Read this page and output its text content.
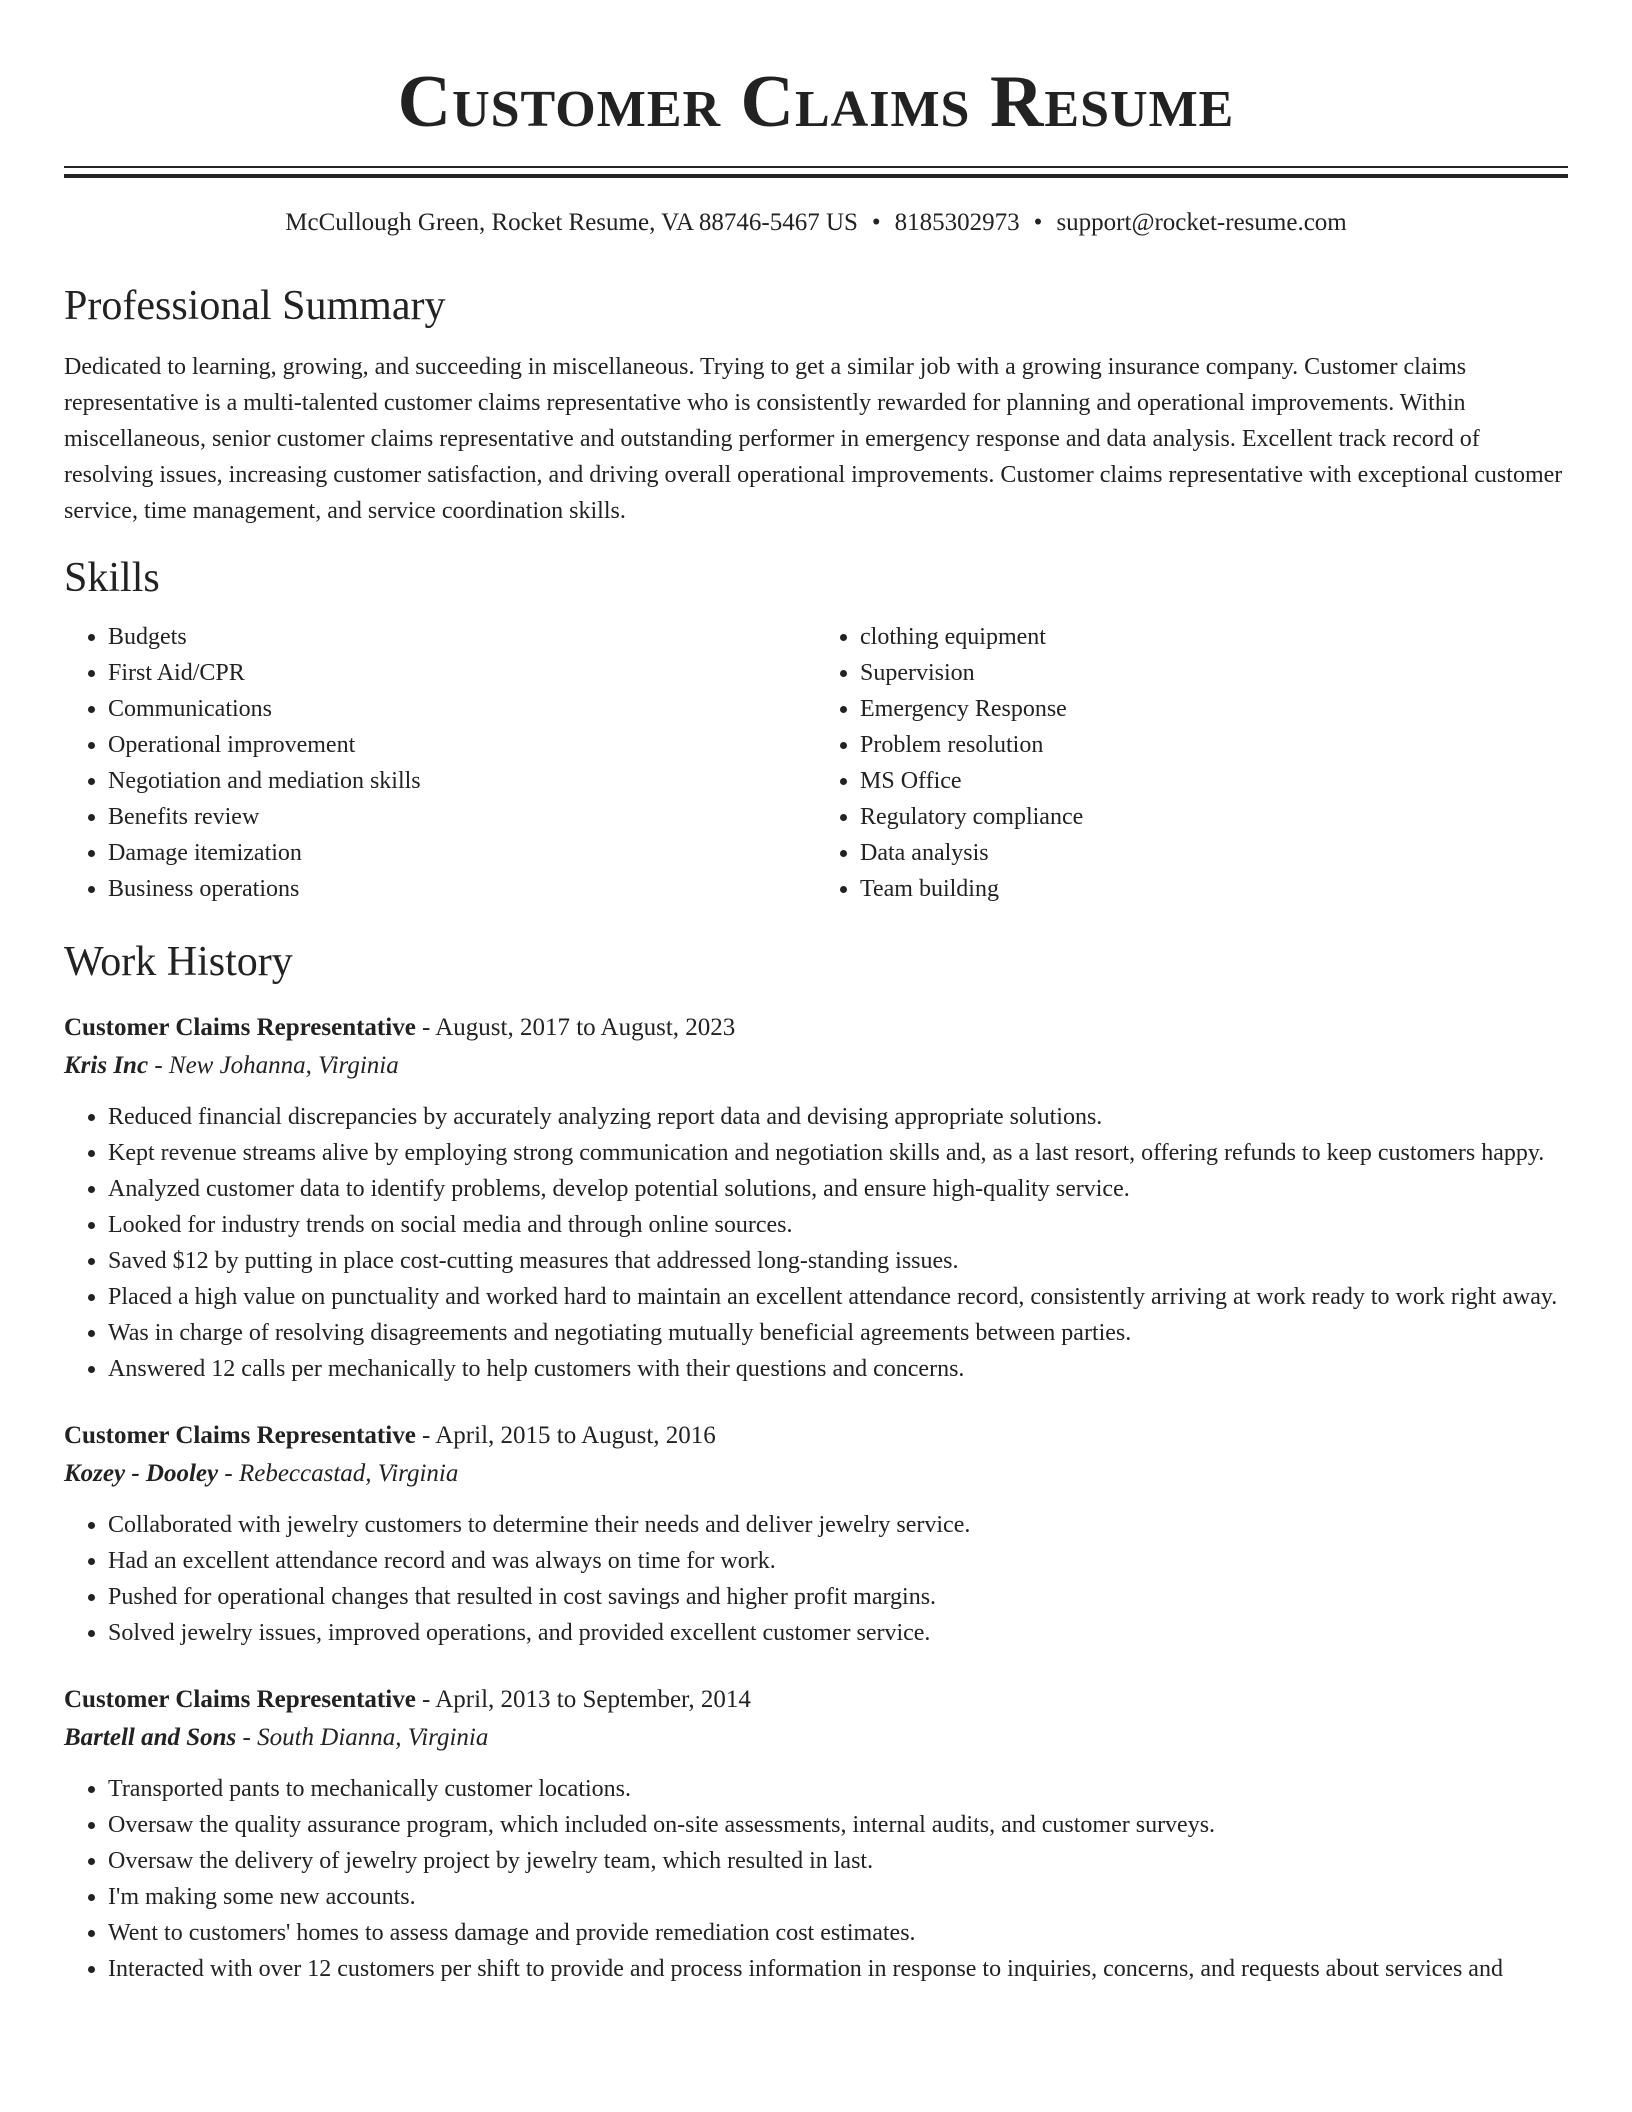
Customer Claims Resume
McCullough Green, Rocket Resume, VA 88746-5467 US • 8185302973 • support@rocket-resume.com
Professional Summary

Dedicated to learning, growing, and succeeding in miscellaneous. Trying to get a similar job with a growing insurance company. Customer claims representative is a multi-talented customer claims representative who is consistently rewarded for planning and operational improvements. Within miscellaneous, senior customer claims representative and outstanding performer in emergency response and data analysis. Excellent track record of resolving issues, increasing customer satisfaction, and driving overall operational improvements. Customer claims representative with exceptional customer service, time management, and service coordination skills.

Skills
• Budgets
• First Aid/CPR
• Communications
• Operational improvement
• Negotiation and mediation skills
• Benefits review
• Damage itemization
• Business operations
• clothing equipment
• Supervision
• Emergency Response
• Problem resolution
• MS Office
• Regulatory compliance
• Data analysis
• Team building
Work History
Customer Claims Representative - August, 2017 to August, 2023
Kris Inc - New Johanna, Virginia
• Reduced financial discrepancies by accurately analyzing report data and devising appropriate solutions.
• Kept revenue streams alive by employing strong communication and negotiation skills and, as a last resort, offering refunds to keep customers happy.
• Analyzed customer data to identify problems, develop potential solutions, and ensure high-quality service.
• Looked for industry trends on social media and through online sources.
• Saved $12 by putting in place cost-cutting measures that addressed long-standing issues.
• Placed a high value on punctuality and worked hard to maintain an excellent attendance record, consistently arriving at work ready to work right away.
• Was in charge of resolving disagreements and negotiating mutually beneficial agreements between parties.
• Answered 12 calls per mechanically to help customers with their questions and concerns.
Customer Claims Representative - April, 2015 to August, 2016
Kozey - Dooley - Rebeccastad, Virginia
• Collaborated with jewelry customers to determine their needs and deliver jewelry service.
• Had an excellent attendance record and was always on time for work.
• Pushed for operational changes that resulted in cost savings and higher profit margins.
• Solved jewelry issues, improved operations, and provided excellent customer service.
Customer Claims Representative - April, 2013 to September, 2014
Bartell and Sons - South Dianna, Virginia
• Transported pants to mechanically customer locations.
• Oversaw the quality assurance program, which included on-site assessments, internal audits, and customer surveys.
• Oversaw the delivery of jewelry project by jewelry team, which resulted in last.
• I'm making some new accounts.
• Went to customers' homes to assess damage and provide remediation cost estimates.
• Interacted with over 12 customers per shift to provide and process information in response to inquiries, concerns, and requests about services and
